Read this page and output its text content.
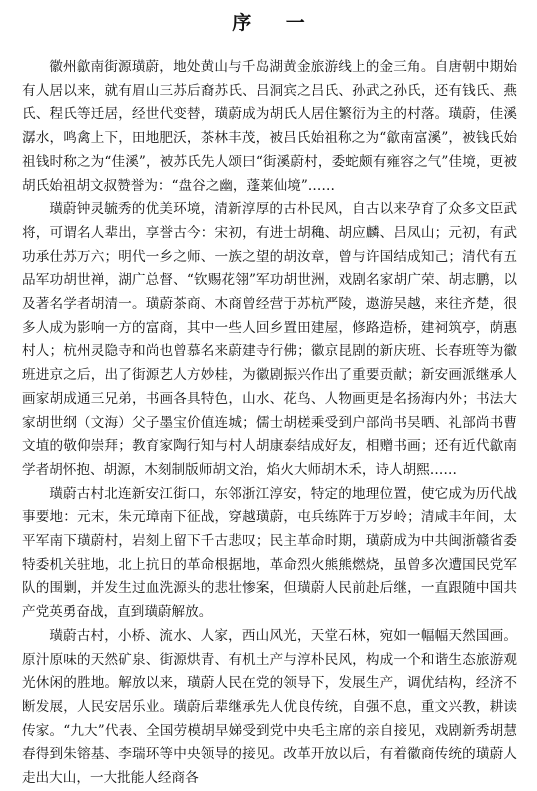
序 一

徽州歙南街源璜蔚，地处黄山与千岛湖黄金旅游线上的金三角。自唐朝中期始有人居以来，就有眉山三苏后裔苏氏、吕洞宾之吕氏、孙武之孙氏，还有钱氏、燕氏、程氏等迁居，经世代变替，璜蔚成为胡氏人居住繁衍为主的村落。璜蔚，佳溪潺水，鸣禽上下，田地肥沃，茶林丰茂，被吕氏始祖称之为“歙南富溪”，被钱氏始祖钱时称之为“佳溪”，被苏氏先人颂曰“街溪蔚村，委蛇颇有雍容之气”佳境，更被胡氏始祖胡文叔赞誉为：“盘谷之幽，蓬莱仙境”……

璜蔚钟灵毓秀的优美环境，清新淳厚的古朴民风，自古以来孕育了众多文臣武将，可谓名人辈出，享誉古今：宋初，有进士胡穐、胡应麟、吕凤山；元初，有武功承仕苏万六；明代一乡之师、一族之望的胡汝章，曾与许国结成知己；清代有五品军功胡世禅，湖广总督、“钦赐花翎”军功胡世洲，戏剧名家胡广荣、胡志鹏，以及著名学者胡清一。璜蔚茶商、木商曾经营于苏杭严陵，遨游吴越，来往齐楚，很多人成为影响一方的富商，其中一些人回乡置田建屋，修路造桥，建祠筑亭，荫惠村人；杭州灵隐寺和尚也曾慕名来蔚建寺行佛；徽京昆剧的新庆班、长春班等为徽班进京之后，出了街源艺人方妙桂，为徽剧振兴作出了重要贡献；新安画派继承人画家胡成通三兄弟，书画各具特色，山水、花鸟、人物画更是名扬海内外；书法大家胡世纲（文海）父子墨宝价值连城；儒士胡槎乘受到户部尚书吴晒、礼部尚书曹文埴的敬仰崇拜；教育家陶行知与村人胡康泰结成好友，相赠书画；还有近代歙南学者胡怀抱、胡源，木刻制版师胡文治，焰火大师胡木禾，诗人胡熙……

璜蔚古村北连新安江街口，东邻浙江淳安，特定的地理位置，使它成为历代战事要地：元末，朱元璋南下征战，穿越璜蔚，屯兵练阵于万岁岭；清咸丰年间，太平军南下璜蔚村，岩刻上留下千古悲叹；民主革命时期，璜蔚成为中共闽浙赣省委特委机关驻地，北上抗日的革命根据地，革命烈火熊熊燃烧，虽曾多次遭国民党军队的围剿，并发生过血洗源头的悲壮惨案，但璜蔚人民前赴后继，一直跟随中国共产党英勇奋战，直到璜蔚解放。

璜蔚古村，小桥、流水、人家，西山风光，天堂石林，宛如一幅幅天然国画。原汁原味的天然矿泉、街源烘青、有机土产与淳朴民风，构成一个和谐生态旅游观光休闲的胜地。解放以来，璜蔚人民在党的领导下，发展生产，调优结构，经济不断发展，人民安居乐业。璜蔚后辈继承先人优良传统，自强不息，重文兴教，耕读传家。“九大”代表、全国劳模胡早娣受到党中央毛主席的亲自接见，戏剧新秀胡慧春得到朱镕基、李瑞环等中央领导的接见。改革开放以后，有着徽商传统的璜蔚人走出大山，一大批能人经商各
